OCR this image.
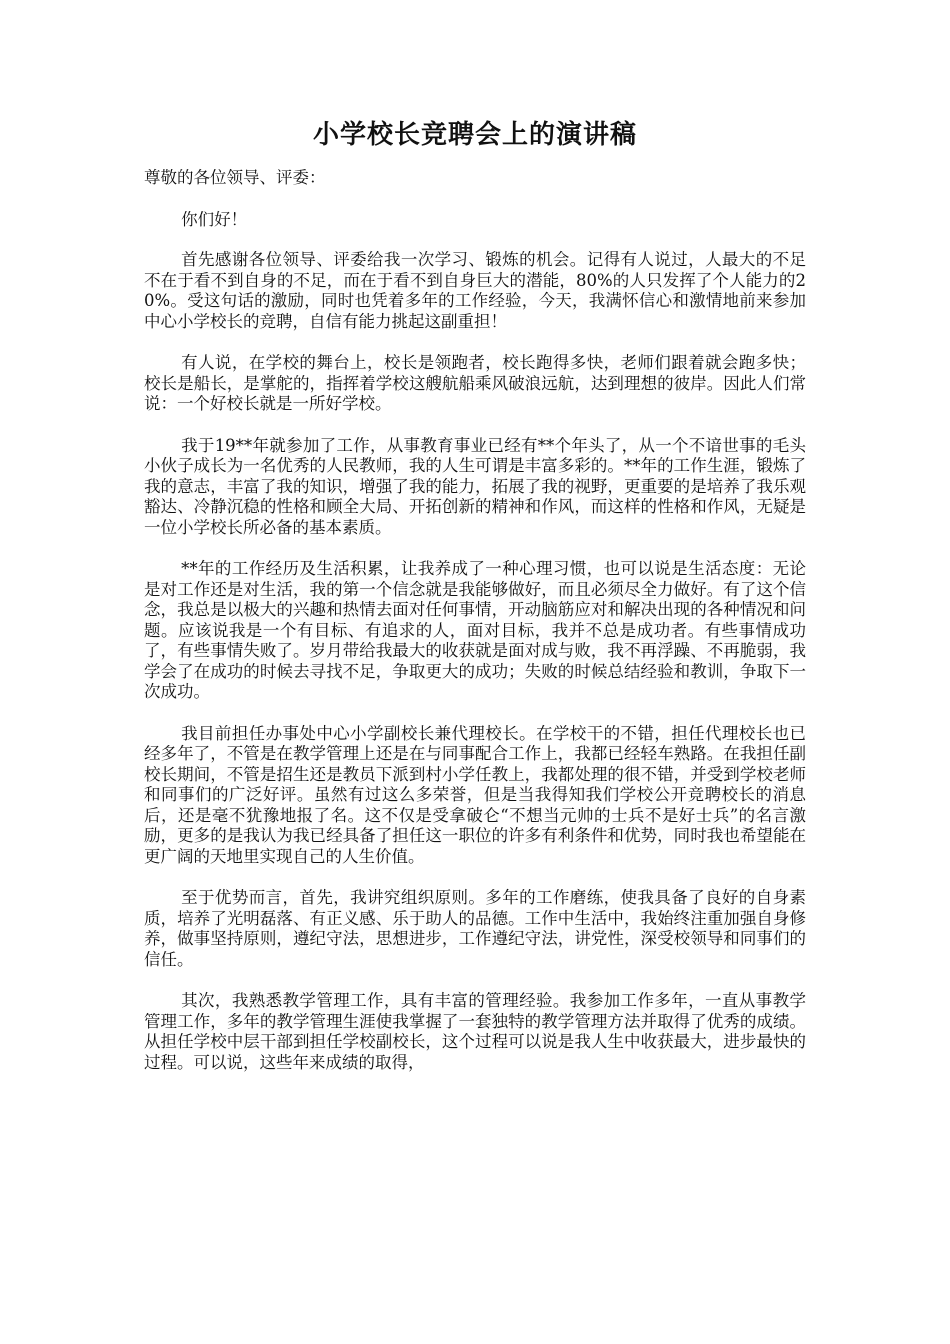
小学校长竞聘会上的演讲稿

尊敬的各位领导、评委：

你们好！

首先感谢各位领导、评委给我一次学习、锻炼的机会。记得有人说过，人最大的不足不在于看不到自身的不足，而在于看不到自身巨大的潜能，80%的人只发挥了个人能力的20%。受这句话的激励，同时也凭着多年的工作经验，今天，我满怀信心和激情地前来参加中心小学校长的竞聘，自信有能力挑起这副重担！

有人说，在学校的舞台上，校长是领跑者，校长跑得多快，老师们跟着就会跑多快；校长是船长，是掌舵的，指挥着学校这艘航船乘风破浪远航，达到理想的彼岸。因此人们常说：一个好校长就是一所好学校。

我于19**年就参加了工作，从事教育事业已经有**个年头了，从一个不谙世事的毛头小伙子成长为一名优秀的人民教师，我的人生可谓是丰富多彩的。**年的工作生涯，锻炼了我的意志，丰富了我的知识，增强了我的能力，拓展了我的视野，更重要的是培养了我乐观豁达、冷静沉稳的性格和顾全大局、开拓创新的精神和作风，而这样的性格和作风，无疑是一位小学校长所必备的基本素质。

**年的工作经历及生活积累，让我养成了一种心理习惯，也可以说是生活态度：无论是对工作还是对生活，我的第一个信念就是我能够做好，而且必须尽全力做好。有了这个信念，我总是以极大的兴趣和热情去面对任何事情，开动脑筋应对和解决出现的各种情况和问题。应该说我是一个有目标、有追求的人，面对目标，我并不总是成功者。有些事情成功了，有些事情失败了。岁月带给我最大的收获就是面对成与败，我不再浮躁、不再脆弱，我学会了在成功的时候去寻找不足，争取更大的成功；失败的时候总结经验和教训，争取下一次成功。

我目前担任办事处中心小学副校长兼代理校长。在学校干的不错，担任代理校长也已经多年了，不管是在教学管理上还是在与同事配合工作上，我都已经轻车熟路。在我担任副校长期间，不管是招生还是教员下派到村小学任教上，我都处理的很不错，并受到学校老师和同事们的广泛好评。虽然有过这么多荣誉，但是当我得知我们学校公开竞聘校长的消息后，还是毫不犹豫地报了名。这不仅是受拿破仑“不想当元帅的士兵不是好士兵”的名言激励，更多的是我认为我已经具备了担任这一职位的许多有利条件和优势，同时我也希望能在更广阔的天地里实现自己的人生价值。

至于优势而言，首先，我讲究组织原则。多年的工作磨练，使我具备了良好的自身素质，培养了光明磊落、有正义感、乐于助人的品德。工作中生活中，我始终注重加强自身修养，做事坚持原则，遵纪守法，思想进步，工作遵纪守法，讲党性，深受校领导和同事们的信任。

其次，我熟悉教学管理工作，具有丰富的管理经验。我参加工作多年，一直从事教学管理工作，多年的教学管理生涯使我掌握了一套独特的教学管理方法并取得了优秀的成绩。从担任学校中层干部到担任学校副校长，这个过程可以说是我人生中收获最大，进步最快的过程。可以说，这些年来成绩的取得，
